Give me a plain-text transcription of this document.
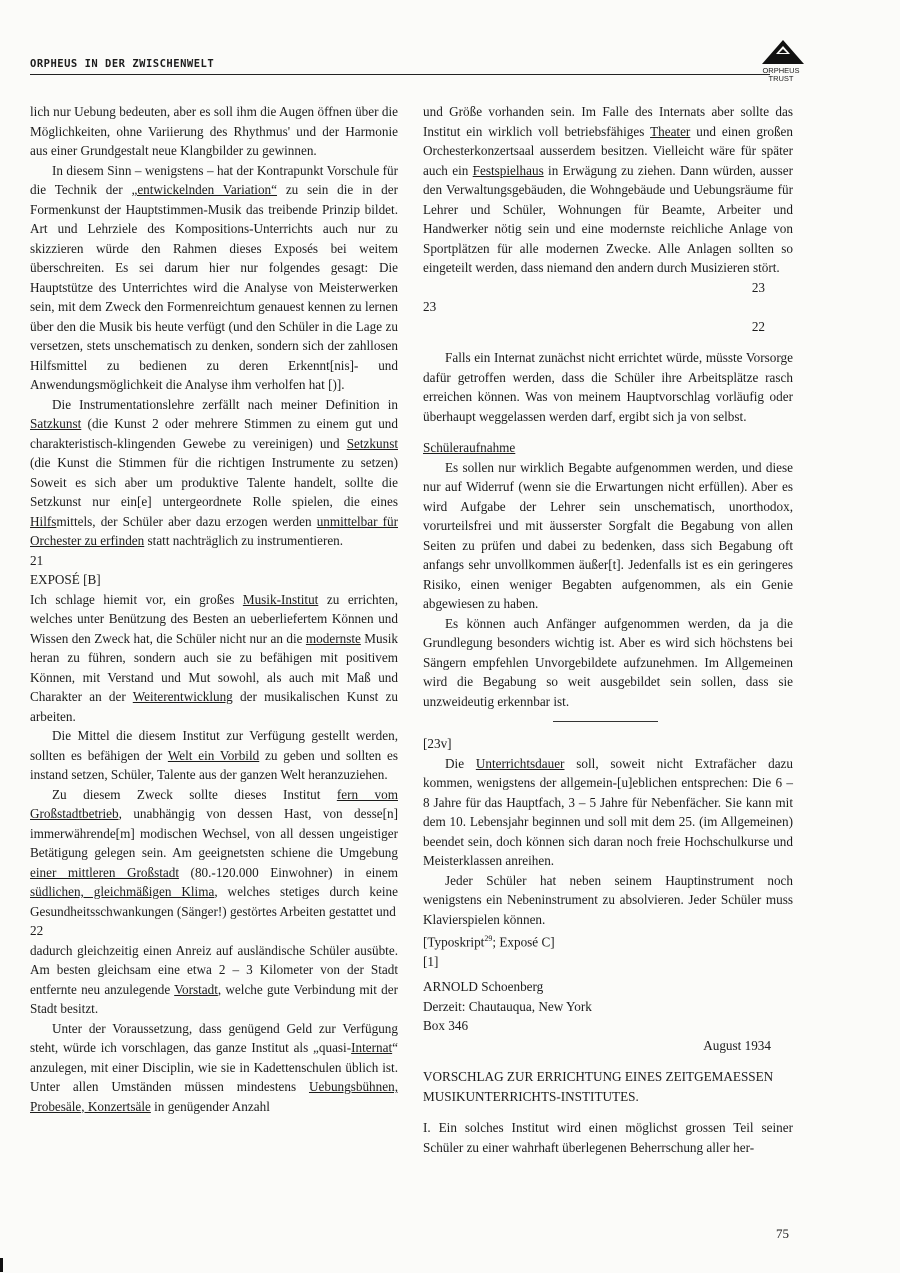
ORPHEUS IN DER ZWISCHENWELT
ORPHEUS
TRUST

lich nur Uebung bedeuten, aber es soll ihm die Augen öffnen über die Möglichkeiten, ohne Variierung des Rhythmus' und der Harmonie aus einer Grundgestalt neue Klangbilder zu gewinnen.

In diesem Sinn – wenigstens – hat der Kontrapunkt Vorschule für die Technik der „entwickelnden Variation“ zu sein die in der Formenkunst der Hauptstimmen-Musik das treibende Prinzip bildet. Art und Lehrziele des Kompositions-Unterrichts auch nur zu skizzieren würde den Rahmen dieses Exposés bei weitem überschreiten. Es sei darum hier nur folgendes gesagt: Die Hauptstütze des Unterrichtes wird die Analyse von Meisterwerken sein, mit dem Zweck den Formenreichtum genauest kennen zu lernen über den die Musik bis heute verfügt (und den Schüler in die Lage zu versetzen, stets unschematisch zu denken, sondern sich der zahllosen Hilfsmittel zu bedienen zu deren Erkennt[nis]- und Anwendungsmöglichkeit die Analyse ihm verholfen hat [)].

Die Instrumentationslehre zerfällt nach meiner Definition in Satzkunst (die Kunst 2 oder mehrere Stimmen zu einem gut und charakteristisch-klingenden Gewebe zu vereinigen) und Setzkunst (die Kunst die Stimmen für die richtigen Instrumente zu setzen) Soweit es sich aber um produktive Talente handelt, sollte die Setzkunst nur ein[e] untergeordnete Rolle spielen, die eines Hilfsmittels, der Schüler aber dazu erzogen werden unmittelbar für Orchester zu erfinden statt nachträglich zu instrumentieren.

21

EXPOSÉ [B]

Ich schlage hiemit vor, ein großes Musik-Institut zu errichten, welches unter Benützung des Besten an ueberliefertem Können und Wissen den Zweck hat, die Schüler nicht nur an die modernste Musik heran zu führen, sondern auch sie zu befähigen mit positivem Können, mit Verstand und Mut sowohl, als auch mit Maß und Charakter an der Weiterentwicklung der musikalischen Kunst zu arbeiten.

Die Mittel die diesem Institut zur Verfügung gestellt werden, sollten es befähigen der Welt ein Vorbild zu geben und sollten es instand setzen, Schüler, Talente aus der ganzen Welt heranzuziehen.

Zu diesem Zweck sollte dieses Institut fern vom Großstadtbetrieb, unabhängig von dessen Hast, von desse[n] immerwährende[m] modischen Wechsel, von all dessen ungeistiger Betätigung gelegen sein. Am geeignetsten schiene die Umgebung einer mittleren Großstadt (80.-120.000 Einwohner) in einem südlichen, gleichmäßigen Klima, welches stetiges durch keine Gesundheitsschwankungen (Sänger!) gestörtes Arbeiten gestattet und

22

dadurch gleichzeitig einen Anreiz auf ausländische Schüler ausübte. Am besten gleichsam eine etwa 2 – 3 Kilometer von der Stadt entfernte neu anzulegende Vorstadt, welche gute Verbindung mit der Stadt besitzt.

Unter der Voraussetzung, dass genügend Geld zur Verfügung steht, würde ich vorschlagen, das ganze Institut als „quasi-Internat“ anzulegen, mit einer Disciplin, wie sie in Kadettenschulen üblich ist. Unter allen Umständen müssen mindestens Uebungsbühnen, Probesäle, Konzertsäle in genügender Anzahl

und Größe vorhanden sein. Im Falle des Internats aber sollte das Institut ein wirklich voll betriebsfähiges Theater und einen großen Orchesterkonzertsaal ausserdem besitzen. Vielleicht wäre für später auch ein Festspielhaus in Erwägung zu ziehen. Dann würden, ausser den Verwaltungsgebäuden, die Wohngebäude und Uebungsräume für Lehrer und Schüler, Wohnungen für Beamte, Arbeiter und Handwerker nötig sein und eine modernste reichliche Anlage von Sportplätzen für alle modernen Zwecke. Alle Anlagen sollten so eingeteilt werden, dass niemand den andern durch Musizieren stört.

23

23

22

Falls ein Internat zunächst nicht errichtet würde, müsste Vorsorge dafür getroffen werden, dass die Schüler ihre Arbeitsplätze rasch erreichen können. Was von meinem Hauptvorschlag vorläufig oder überhaupt weggelassen werden darf, ergibt sich ja von selbst.

Schüleraufnahme

Es sollen nur wirklich Begabte aufgenommen werden, und diese nur auf Widerruf (wenn sie die Erwartungen nicht erfüllen). Aber es wird Aufgabe der Lehrer sein unschematisch, unorthodox, vorurteilsfrei und mit äusserster Sorgfalt die Begabung von allen Seiten zu prüfen und dabei zu bedenken, dass sich Begabung oft anfangs sehr unvollkommen äußer[t]. Jedenfalls ist es ein geringeres Risiko, einen weniger Begabten aufgenommen, als ein Genie abgewiesen zu haben.

Es können auch Anfänger aufgenommen werden, da ja die Grundlegung besonders wichtig ist. Aber es wird sich höchstens bei Sängern empfehlen Unvorgebildete aufzunehmen. Im Allgemeinen wird die Begabung so weit ausgebildet sein sollen, dass sie unzweideutig erkennbar ist.

[23v]

Die Unterrichtsdauer soll, soweit nicht Extrafächer dazu kommen, wenigstens der allgemein-[u]eblichen entsprechen: Die 6 – 8 Jahre für das Hauptfach, 3 – 5 Jahre für Nebenfächer. Sie kann mit dem 10. Lebensjahr beginnen und soll mit dem 25. (im Allgemeinen) beendet sein, doch können sich daran noch freie Hochschulkurse und Meisterklassen anreihen.

Jeder Schüler hat neben seinem Hauptinstrument noch wenigstens ein Nebeninstrument zu absolvieren. Jeder Schüler muss Klavierspielen können.

[Typoskript$^{29}$; Exposé C]

[1]

ARNOLD Schoenberg

Derzeit: Chautauqua, New York

Box 346

August 1934

VORSCHLAG ZUR ERRICHTUNG EINES ZEITGEMAESSEN MUSIKUNTERRICHTS-INSTITUTES.

I. Ein solches Institut wird einen möglichst grossen Teil seiner Schüler zu einer wahrhaft überlegenen Beherrschung aller her-

75
